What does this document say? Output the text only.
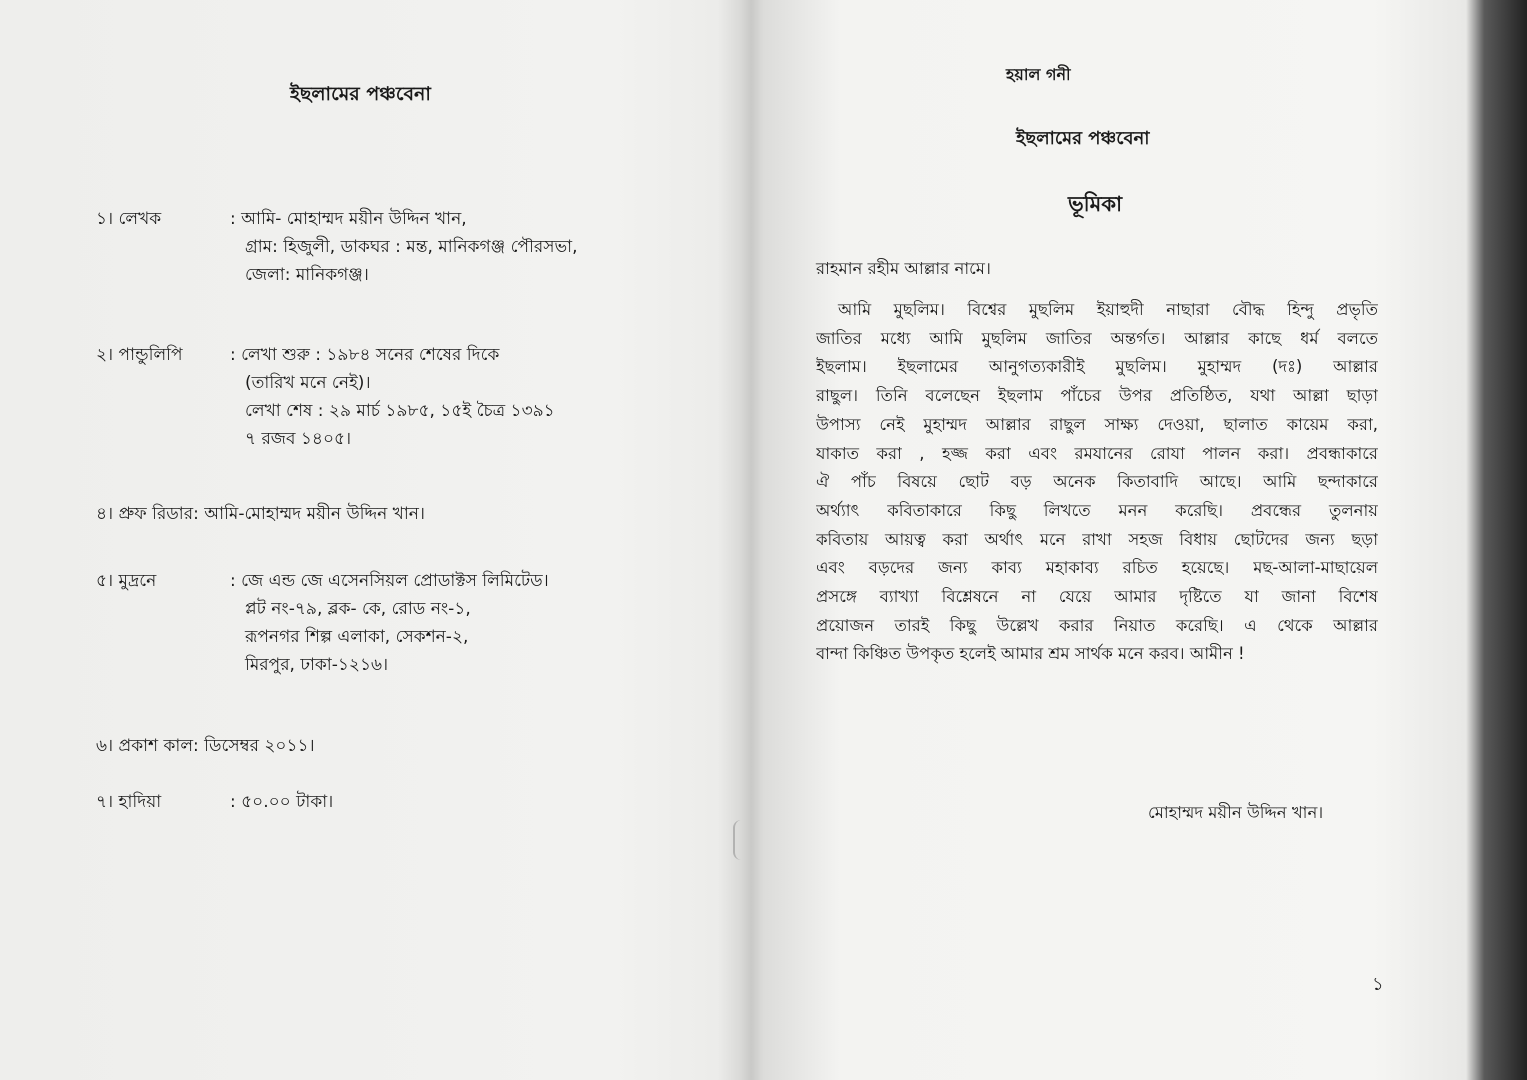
ইছলামের পঞ্চবেনা
১। লেখক	: আমি- মোহাম্মদ ময়ীন উদ্দিন খান,
গ্রাম: হিজুলী, ডাকঘর : মন্ত, মানিকগঞ্জ পৌরসভা,
জেলা: মানিকগঞ্জ।
২। পান্ডুলিপি	: লেখা শুরু : ১৯৮৪ সনের শেষের দিকে
(তারিখ মনে নেই)।
লেখা শেষ : ২৯ মার্চ ১৯৮৫, ১৫ই চৈত্র ১৩৯১
৭ রজব ১৪০৫।
৪। প্রুফ রিডার : আমি-মোহাম্মদ ময়ীন উদ্দিন খান।
৫। মুদ্রনে	: জে এন্ড জে এসেনসিয়ল প্রোডাক্টস লিমিটেড।
প্লট নং-৭৯, ব্লক- কে, রোড নং-১,
রূপনগর শিল্প এলাকা, সেকশন-২,
মিরপুর, ঢাকা-১২১৬।
৬। প্রকাশ কাল : ডিসেম্বর ২০১১।
৭। হাদিয়া	: ৫০.০০ টাকা।
হয়াল গনী
ইছলামের পঞ্চবেনা
ভূমিকা
রাহমান রহীম আল্লার নামে।
আমি মুছলিম। বিশ্বের মুছলিম ইয়াহুদী নাছারা বৌদ্ধ হিন্দু প্রভৃতি
জাতির মধ্যে আমি মুছলিম জাতির অন্তর্গত। আল্লার কাছে ধর্ম বলতে
ইছলাম। ইছলামের আনুগত্যকারীই মুছলিম। মুহাম্মদ (দঃ) আল্লার
রাছুল। তিনি বলেছেন ইছলাম পাঁচের উপর প্রতিষ্ঠিত, যথা আল্লা ছাড়া
উপাস্য নেই মুহাম্মদ আল্লার রাছুল সাক্ষ্য দেওয়া, ছালাত কায়েম করা,
যাকাত করা , হজ্জ করা এবং রমযানের রোযা পালন করা। প্রবন্ধাকারে
ঐ পাঁচ বিষয়ে ছোট বড় অনেক কিতাবাদি আছে। আমি ছন্দাকারে
অর্থ্যাৎ কবিতাকারে কিছু লিখতে মনন করেছি। প্রবন্ধের তুলনায়
কবিতায় আয়ত্ব করা অর্থাৎ মনে রাখা সহজ বিধায় ছোটদের জন্য ছড়া
এবং বড়দের জন্য কাব্য মহাকাব্য রচিত হয়েছে। মছ-আলা-মাছায়েল
প্রসঙ্গে ব্যাখ্যা বিশ্লেষনে না যেয়ে আমার দৃষ্টিতে যা জানা বিশেষ
প্রয়োজন তারই কিছু উল্লেখ করার নিয়াত করেছি। এ থেকে আল্লার
বান্দা কিঞ্চিত উপকৃত হলেই আমার শ্রম সার্থক মনে করব। আমীন !
মোহাম্মদ ময়ীন উদ্দিন খান।
১
